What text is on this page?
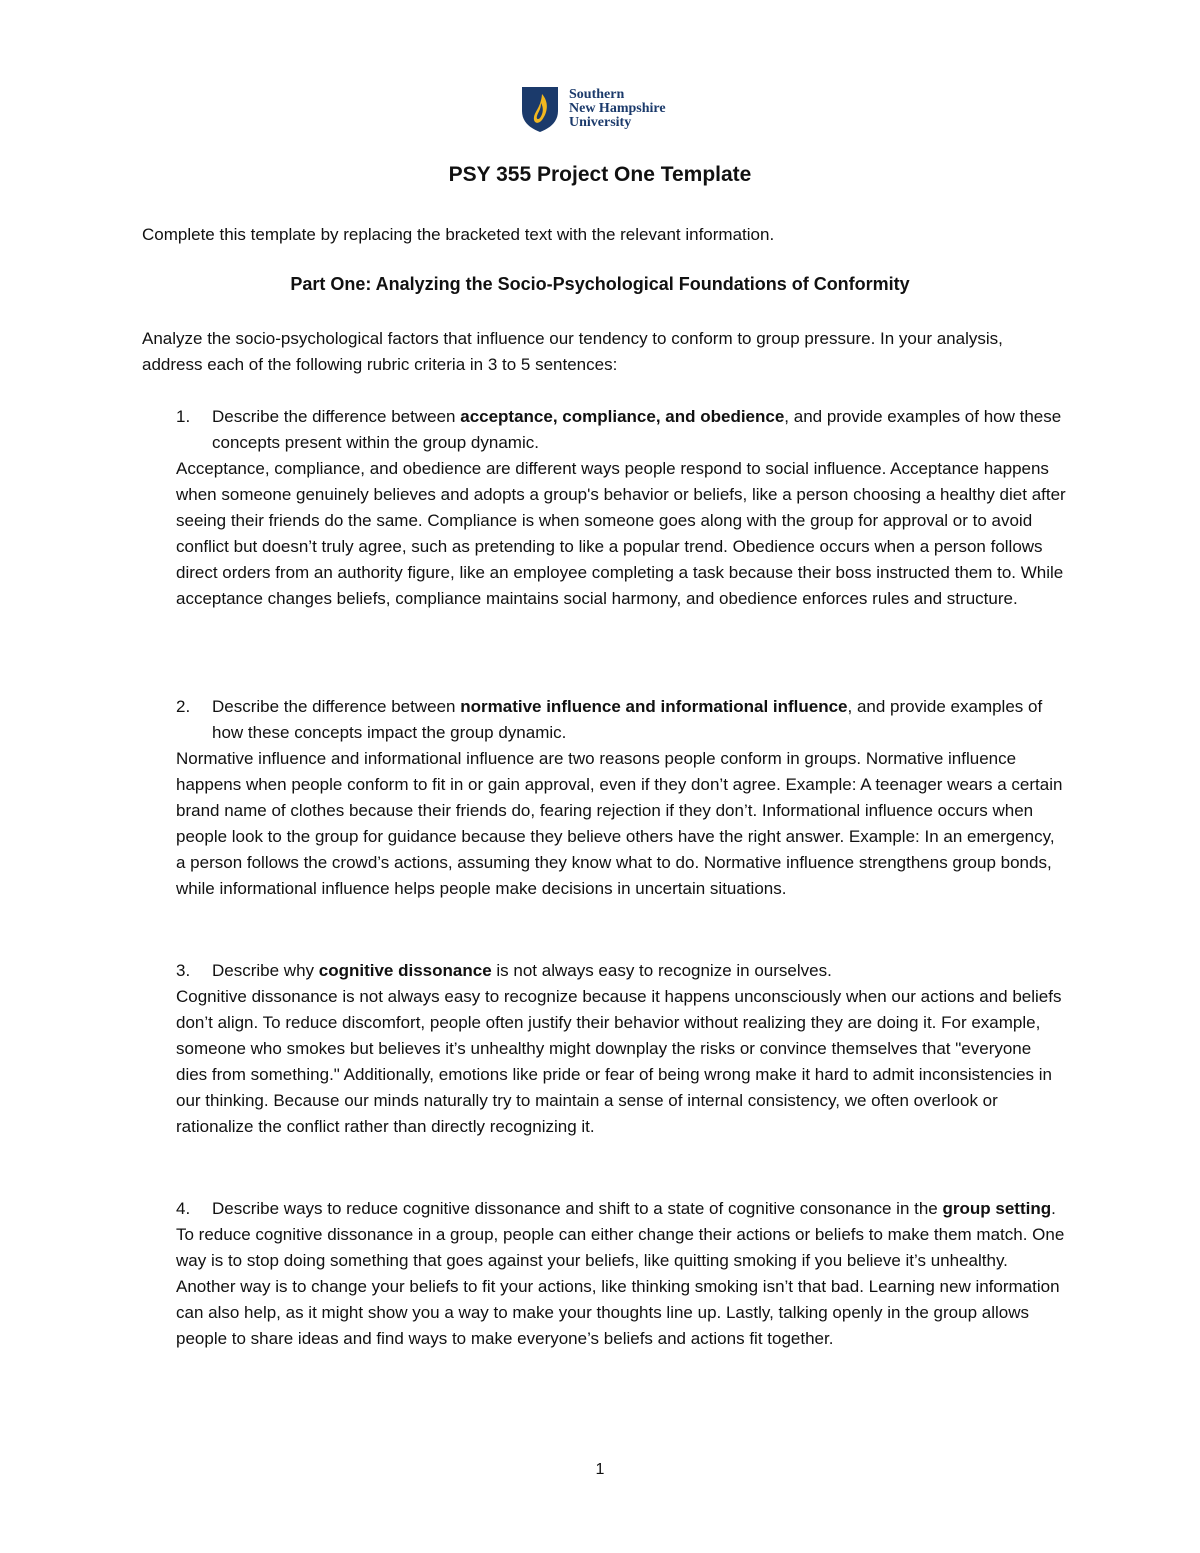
Southern
New Hampshire
University
PSY 355 Project One Template

Complete this template by replacing the bracketed text with the relevant information.

Part One: Analyzing the Socio-Psychological Foundations of Conformity

Analyze the socio-psychological factors that influence our tendency to conform to group pressure. In your analysis, address each of the following rubric criteria in 3 to 5 sentences:

1. Describe the difference between acceptance, compliance, and obedience, and provide examples of how these concepts present within the group dynamic.

Acceptance, compliance, and obedience are different ways people respond to social influence. Acceptance happens when someone genuinely believes and adopts a group's behavior or beliefs, like a person choosing a healthy diet after seeing their friends do the same. Compliance is when someone goes along with the group for approval or to avoid conflict but doesn’t truly agree, such as pretending to like a popular trend. Obedience occurs when a person follows direct orders from an authority figure, like an employee completing a task because their boss instructed them to. While acceptance changes beliefs, compliance maintains social harmony, and obedience enforces rules and structure.

2. Describe the difference between normative influence and informational influence, and provide examples of how these concepts impact the group dynamic.

Normative influence and informational influence are two reasons people conform in groups. Normative influence happens when people conform to fit in or gain approval, even if they don’t agree. Example: A teenager wears a certain brand name of clothes because their friends do, fearing rejection if they don’t. Informational influence occurs when people look to the group for guidance because they believe others have the right answer. Example: In an emergency, a person follows the crowd’s actions, assuming they know what to do. Normative influence strengthens group bonds, while informational influence helps people make decisions in uncertain situations.

3. Describe why cognitive dissonance is not always easy to recognize in ourselves.

Cognitive dissonance is not always easy to recognize because it happens unconsciously when our actions and beliefs don’t align. To reduce discomfort, people often justify their behavior without realizing they are doing it. For example, someone who smokes but believes it’s unhealthy might downplay the risks or convince themselves that "everyone dies from something." Additionally, emotions like pride or fear of being wrong make it hard to admit inconsistencies in our thinking. Because our minds naturally try to maintain a sense of internal consistency, we often overlook or rationalize the conflict rather than directly recognizing it.

4. Describe ways to reduce cognitive dissonance and shift to a state of cognitive consonance in the group setting.

To reduce cognitive dissonance in a group, people can either change their actions or beliefs to make them match. One way is to stop doing something that goes against your beliefs, like quitting smoking if you believe it’s unhealthy. Another way is to change your beliefs to fit your actions, like thinking smoking isn’t that bad. Learning new information can also help, as it might show you a way to make your thoughts line up. Lastly, talking openly in the group allows people to share ideas and find ways to make everyone’s beliefs and actions fit together.

1
